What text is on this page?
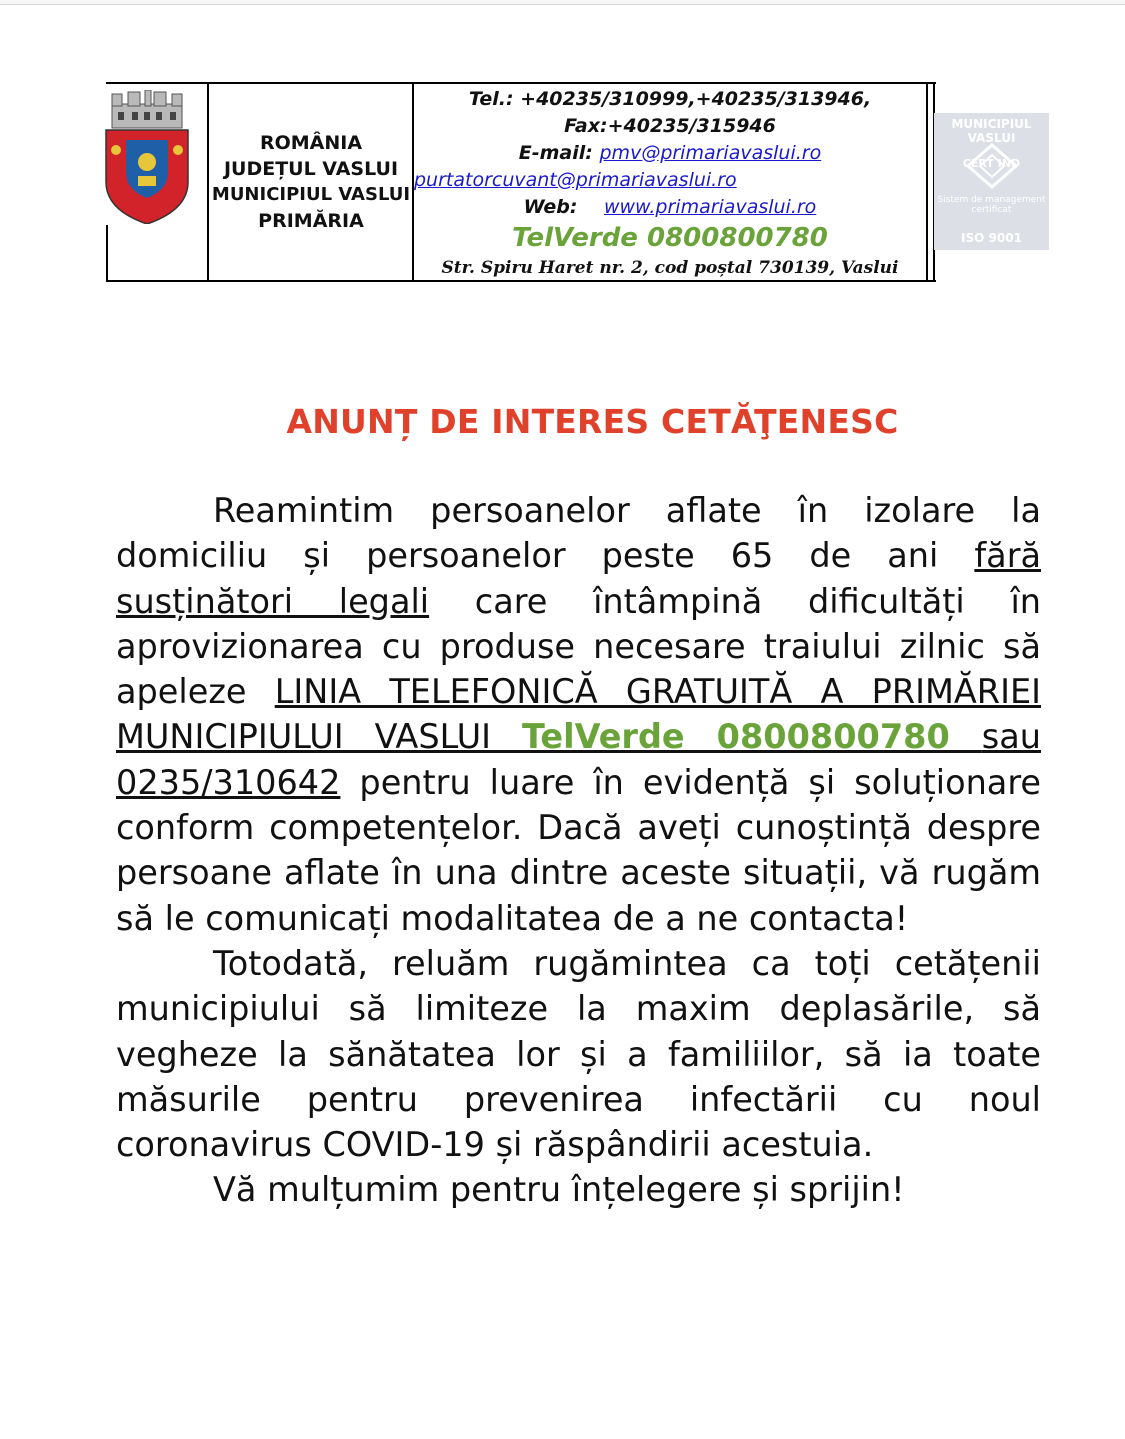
ROMÂNIA
JUDEȚUL VASLUI
MUNICIPIUL VASLUI
PRIMĂRIA
Tel.: +40235/310999,+40235/313946,
Fax:+40235/315946
E-mail: pmv@primariavaslui.ro
purtatorcuvant@primariavaslui.ro
Web: www.primariavaslui.ro
TelVerde 0800800780
Str. Spiru Haret nr. 2, cod poștal 730139, Vaslui
MUNICIPIUL VASLUI
CERT IND
Sistem de management certificat
ISO 9001
ANUNȚ DE INTERES CETĂŢENESC

Reamintim persoanelor aflate în izolare la domiciliu și persoanelor peste 65 de ani fără susținători legali care întâmpină dificultăți în aprovizionarea cu produse necesare traiului zilnic să apeleze LINIA TELEFONICĂ GRATUITĂ A PRIMĂRIEI MUNICIPIULUI VASLUI TelVerde 0800800780 sau 0235/310642 pentru luare în evidență și soluționare conform competențelor. Dacă aveți cunoștință despre persoane aflate în una dintre aceste situații, vă rugăm să le comunicați modalitatea de a ne contacta!

Totodată, reluăm rugămintea ca toți cetățenii municipiului să limiteze la maxim deplasările, să vegheze la sănătatea lor și a familiilor, să ia toate măsurile pentru prevenirea infectării cu noul coronavirus COVID-19 și răspândirii acestuia.

Vă mulțumim pentru înțelegere și sprijin!
